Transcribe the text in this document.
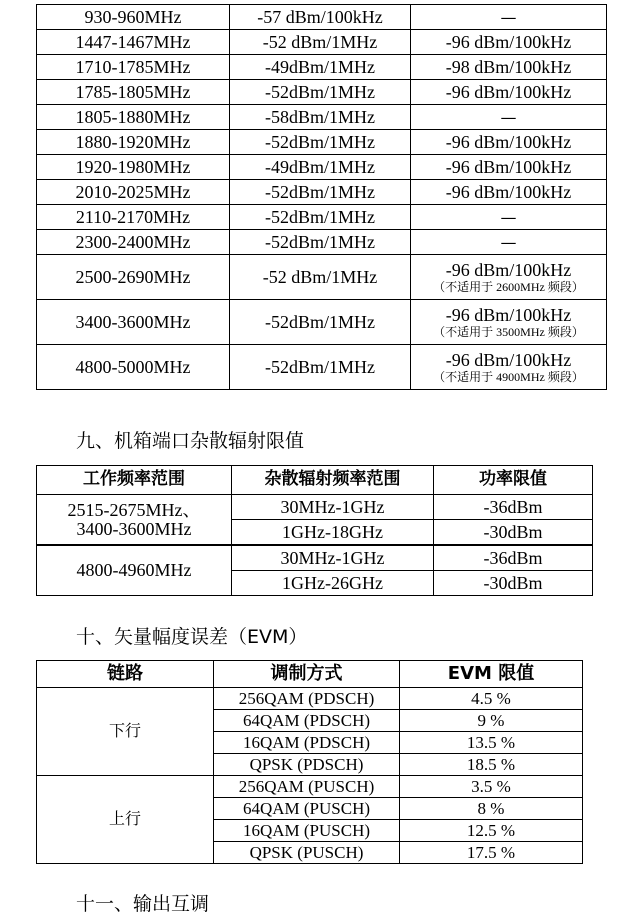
930-960MHz	-57 dBm/100kHz	—
1447-1467MHz	-52 dBm/1MHz	-96 dBm/100kHz
1710-1785MHz	-49dBm/1MHz	-98 dBm/100kHz
1785-1805MHz	-52dBm/1MHz	-96 dBm/100kHz
1805-1880MHz	-58dBm/1MHz	—
1880-1920MHz	-52dBm/1MHz	-96 dBm/100kHz
1920-1980MHz	-49dBm/1MHz	-96 dBm/100kHz
2010-2025MHz	-52dBm/1MHz	-96 dBm/100kHz
2110-2170MHz	-52dBm/1MHz	—
2300-2400MHz	-52dBm/1MHz	—
2500-2690MHz	-52 dBm/1MHz	-96 dBm/100kHz
（不适用于 2600MHz 频段）

3400-3600MHz	-52dBm/1MHz	-96 dBm/100kHz
（不适用于 3500MHz 频段）

4800-5000MHz	-52dBm/1MHz	-96 dBm/100kHz
（不适用于 4900MHz 频段）
九、机箱端口杂散辐射限值
工作频率范围	杂散辐射频率范围	功率限值
2515-2675MHz、
3400-3600MHz	30MHz-1GHz	-36dBm
	1GHz-18GHz	-30dBm
4800-4960MHz	30MHz-1GHz	-36dBm
	1GHz-26GHz	-30dBm
十、矢量幅度误差（EVM）
链路	调制方式	EVM 限值
下行	256QAM (PDSCH)	4.5 %
	64QAM (PDSCH)	9 %
	16QAM (PDSCH)	13.5 %
	QPSK (PDSCH)	18.5 %
上行	256QAM (PUSCH)	3.5 %
	64QAM (PUSCH)	8 %
	16QAM (PUSCH)	12.5 %
	QPSK (PUSCH)	17.5 %
十一、输出互调
